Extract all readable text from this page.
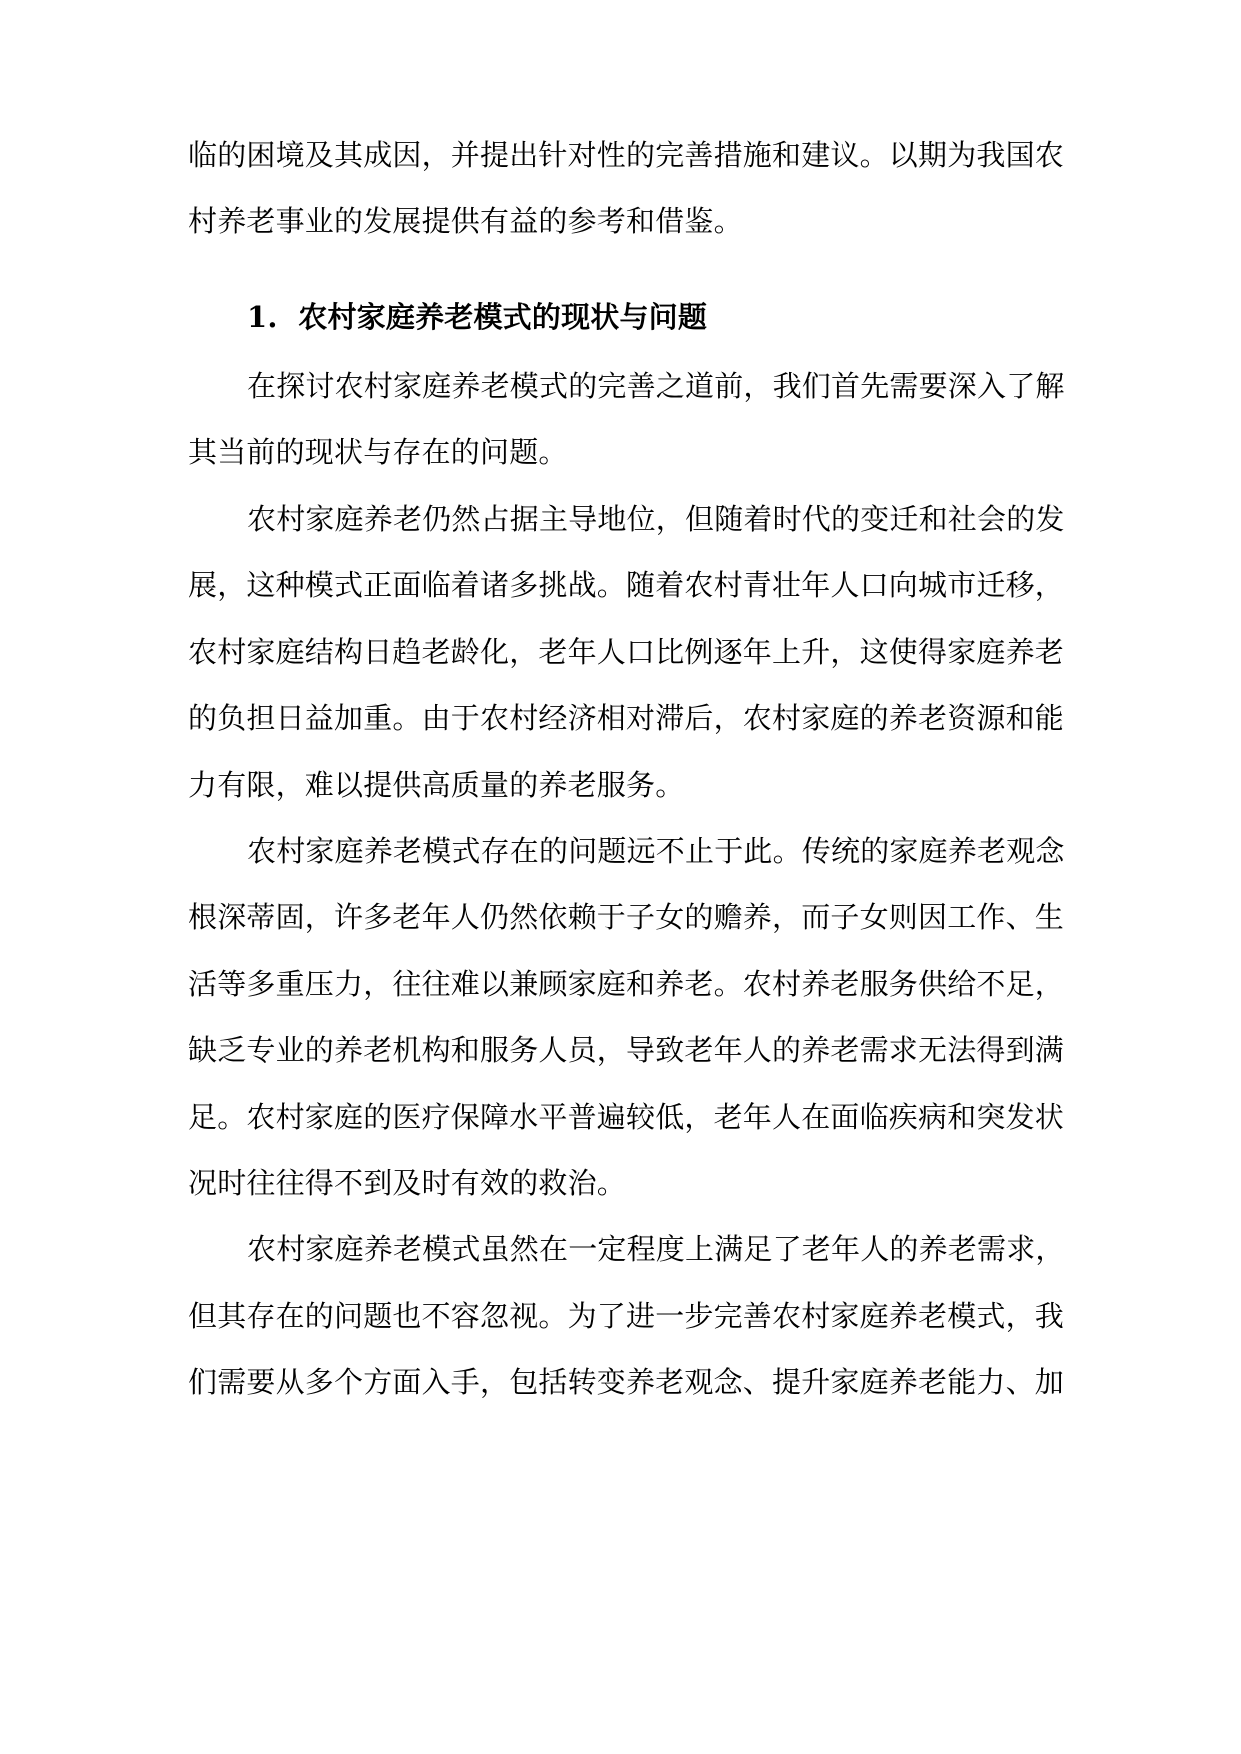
临的困境及其成因，并提出针对性的完善措施和建议。以期为我国农

村养老事业的发展提供有益的参考和借鉴。

1. 农村家庭养老模式的现状与问题

在探讨农村家庭养老模式的完善之道前，我们首先需要深入了解

其当前的现状与存在的问题。

农村家庭养老仍然占据主导地位，但随着时代的变迁和社会的发

展，这种模式正面临着诸多挑战。随着农村青壮年人口向城市迁移，

农村家庭结构日趋老龄化，老年人口比例逐年上升，这使得家庭养老

的负担日益加重。由于农村经济相对滞后，农村家庭的养老资源和能

力有限，难以提供高质量的养老服务。

农村家庭养老模式存在的问题远不止于此。传统的家庭养老观念

根深蒂固，许多老年人仍然依赖于子女的赡养，而子女则因工作、生

活等多重压力，往往难以兼顾家庭和养老。农村养老服务供给不足，

缺乏专业的养老机构和服务人员，导致老年人的养老需求无法得到满

足。农村家庭的医疗保障水平普遍较低，老年人在面临疾病和突发状

况时往往得不到及时有效的救治。

农村家庭养老模式虽然在一定程度上满足了老年人的养老需求，

但其存在的问题也不容忽视。为了进一步完善农村家庭养老模式，我

们需要从多个方面入手，包括转变养老观念、提升家庭养老能力、加
